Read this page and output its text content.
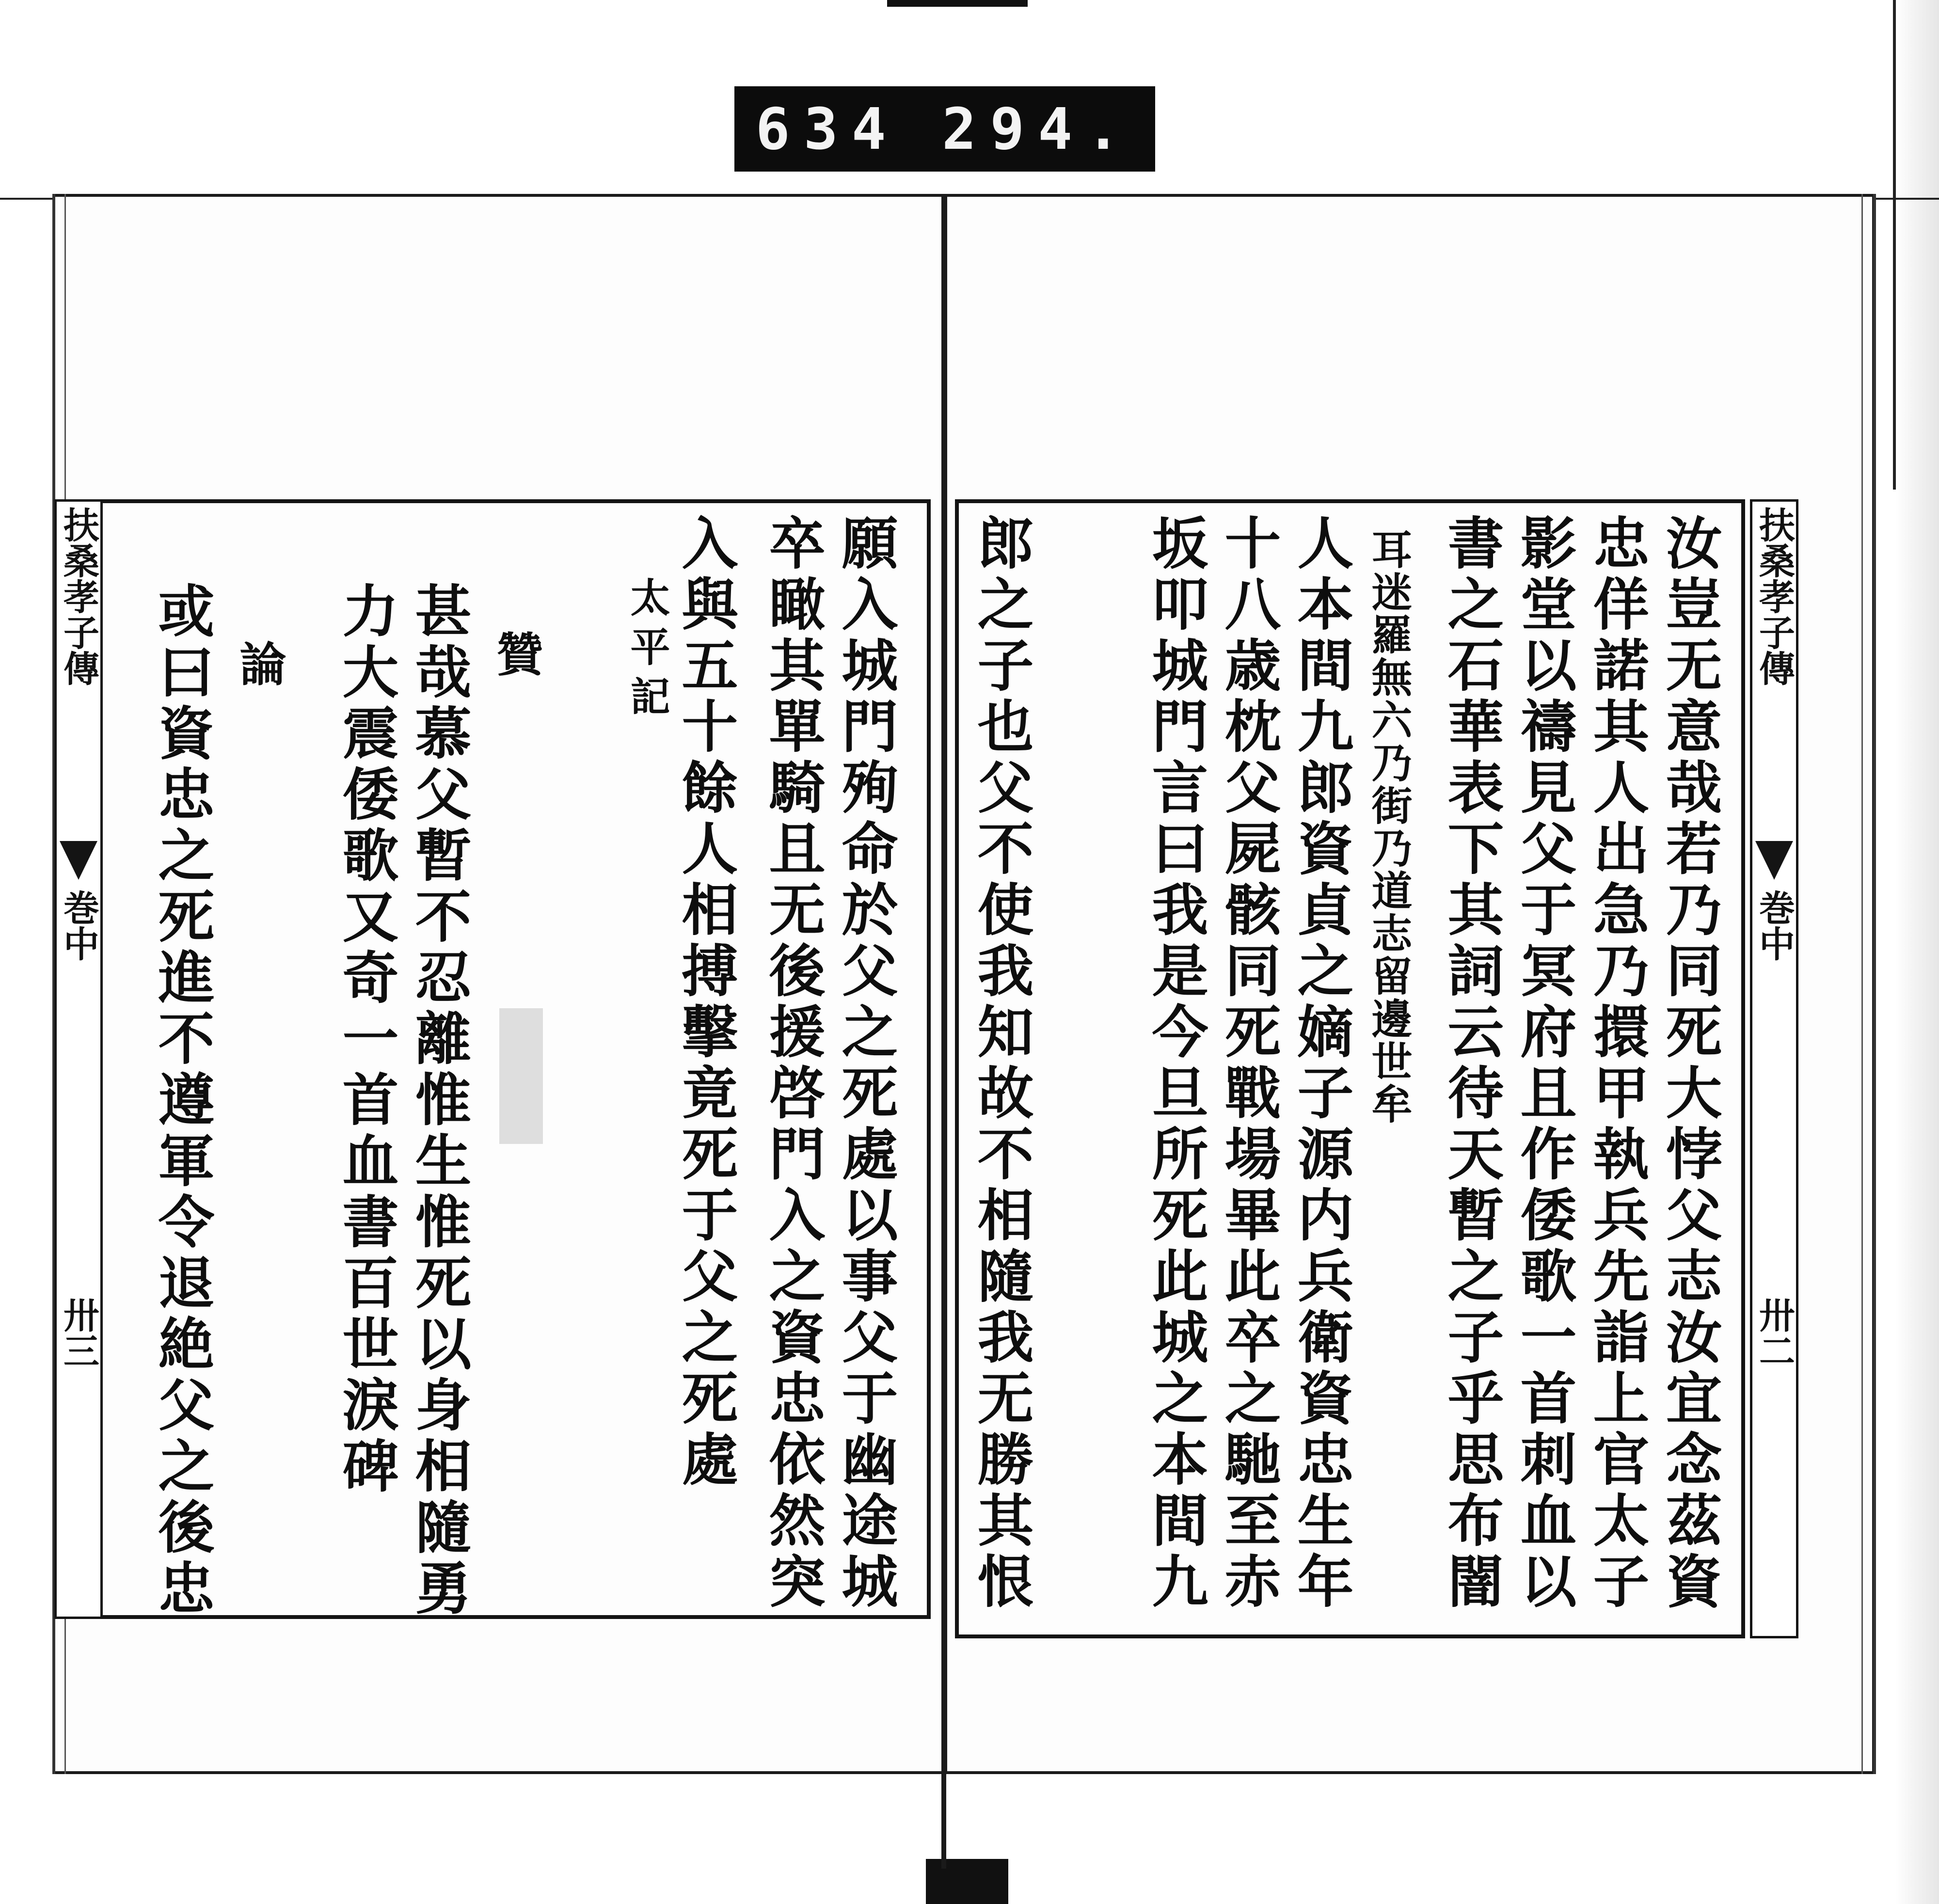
634 294.
扶桑孝子傳
巻中
卅三
扶桑孝子傳
巻中
卅二
汝豈无意哉若乃同死大悖父志汝宜念茲資
忠佯諾其人出急乃擐甲執兵先詣上官太子
影堂以禱見父于冥府且作倭歌一首刺血以
書之石華表下其詞云待天暫之子乎思布闇
耳迷羅無六乃街乃道志留邊世牟
人本間九郎資貞之嫡子源内兵衛資忠生年
十八歳枕父屍骸同死戰場畢此卒之馳至赤
坂叩城門言曰我是今旦所死此城之本間九
郎之子也父不使我知故不相隨我无勝其恨
願入城門殉命於父之死處以事父于幽途城
卒瞰其單騎且无後援啓門入之資忠依然突
入與五十餘人相搏擊竟死于父之死處
太平記
贊
甚哉慕父暫不忍離惟生惟死以身相隨勇
力大震倭歌又奇一首血書百世淚碑
論
或曰資忠之死進不遵軍令退絶父之後忠
